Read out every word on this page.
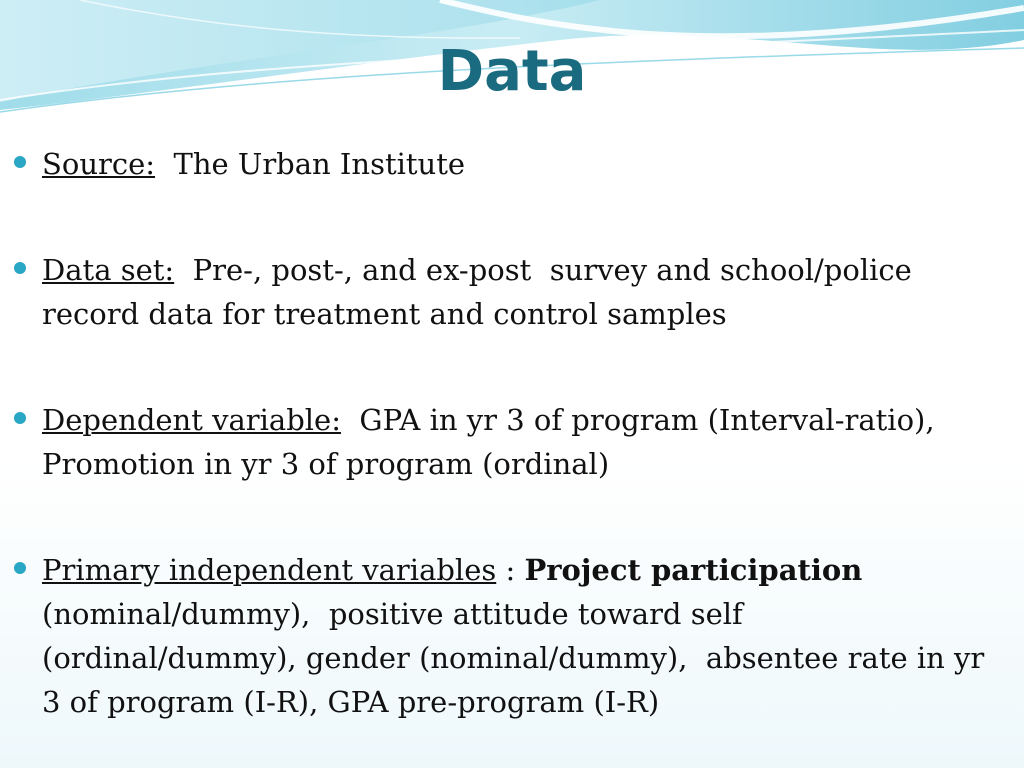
Data
Source:  The Urban Institute
Data set:  Pre-, post-, and ex-post  survey and school/police record data for treatment and control samples
Dependent variable:  GPA in yr 3 of program (Interval-ratio), Promotion in yr 3 of program (ordinal)
Primary independent variables : Project participation (nominal/dummy),  positive attitude toward self (ordinal/dummy), gender (nominal/dummy),  absentee rate in yr 3 of program (I-R), GPA pre-program (I-R)
